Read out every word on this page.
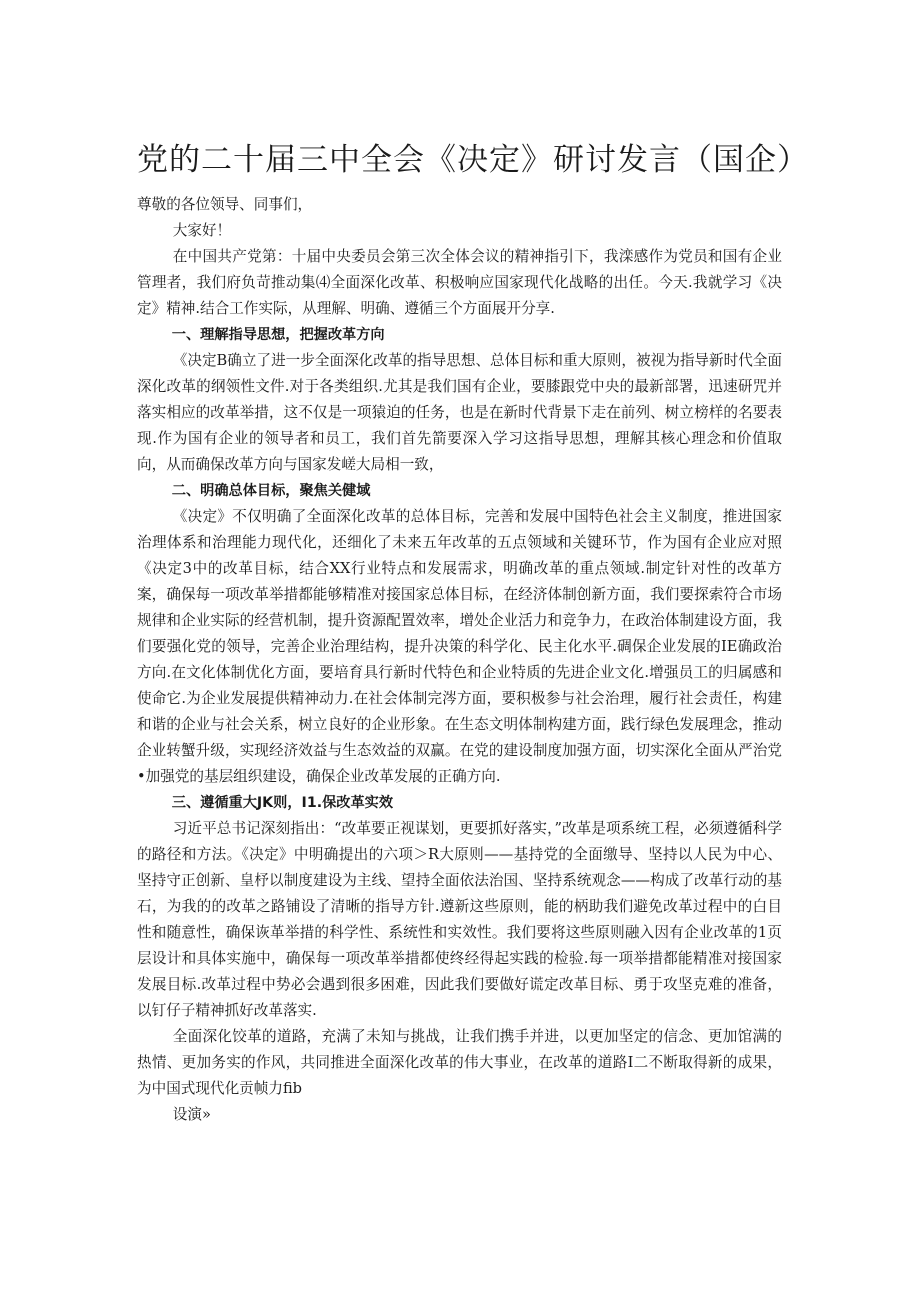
党的二十届三中全会《决定》研讨发言（国企）

尊敬的各位领导、同事们，

大家好！

在中国共产党第：十届中央委员会第三次全体会议的精神指引下，我滦感作为党员和国有企业管理者，我们府负苛推动集⑷全面深化改革、积极响应国家现代化战略的出任。今天.我就学习《决定》精神.结合工作实际，从理解、明确、遵循三个方面展开分享.

一、理解指导思想，把握改革方向

《决定B确立了进一步全面深化改革的指导思想、总体目标和重大原则，被视为指导新时代全面深化改革的纲领性文件.对于各类组织.尤其是我们国有企业，要膝跟党中央的最新部署，迅速研咒并落实相应的改革举措，这不仅是一项猿迫的任务，也是在新时代背景下走在前列、树立榜样的名要表现.作为国有企业的领导者和员工，我们首先箭要深入学习这指导思想，理解其核心理念和价值取向，从而确保改革方向与国家发嵯大局相一致，

二、明确总体目标，聚焦关健域

《决定》不仅明确了全面深化改革的总体目标，完善和发展中国特色社会主义制度，推进国家治理体系和治理能力现代化，还细化了未来五年改革的五点领域和关键环节，作为国有企业应对照《决定3中的改革目标，结合XX行业特点和发展需求，明确改革的重点领域.制定针对性的改革方案，确保每一项改革举措都能够精准对接国家总体目标，在经济体制创新方面，我们要探索符合市场规律和企业实际的经营机制，提升资源配置效率，增处企业活力和竞争力，在政治体制建设方面，我们要强化党的领导，完善企业治理结构，提升决策的科学化、民主化水平.碉保企业发展的IE确政治方向.在文化体制优化方面，要培育具行新时代特色和企业特质的先进企业文化.增强员工的归属感和使命它.为企业发展提供精神动力.在社会体制完涔方面，要积极参与社会治理，履行社会责任，构建和谐的企业与社会关系，树立良好的企业形象。在生态文明体制构建方面，践行绿色发展理念，推动企业转蟹升级，实现经济效益与生态效益的双赢。在党的建设制度加强方面，切实深化全面从严治党•加强党的基层组织建设，确保企业改革发展的正确方向.

三、遵循重大JK则，I1.保改革实效

习近平总书记深刻指出：“改革要正视谋划，更要抓好落实，”改革是项系统工程，必须遵循科学的路径和方法。《决定》中明确提出的六项＞R大原则——基持党的全面缴导、坚持以人民为中心、坚持守正创新、皇杼以制度建设为主线、望持全面依法治国、坚持系统观念——构成了改革行动的基石，为我的的改革之路铺设了清晰的指导方针.遵新这些原则，能的柄助我们避免改革过程中的白目性和随意性，确保诙革举措的科学性、系统性和实效性。我们要将这些原则融入因有企业改革的1页层设计和具体实施中，确保每一项改革举措都使终经得起实践的检验.每一项举措都能精准对接国家发展目标.改革过程中势必会遇到很多困难，因此我们要做好谎定改革目标、勇于攻坚克难的准备，以钉仔子精神抓好改革落实.

全面深化饺革的道路，充满了未知与挑战，让我们携手并进，以更加坚定的信念、更加馆满的热情、更加务实的作风，共同推进全面深化改革的伟大事业，在改革的道路I二不断取得新的成果，为中国式现代化贡帧力fib

设演»
